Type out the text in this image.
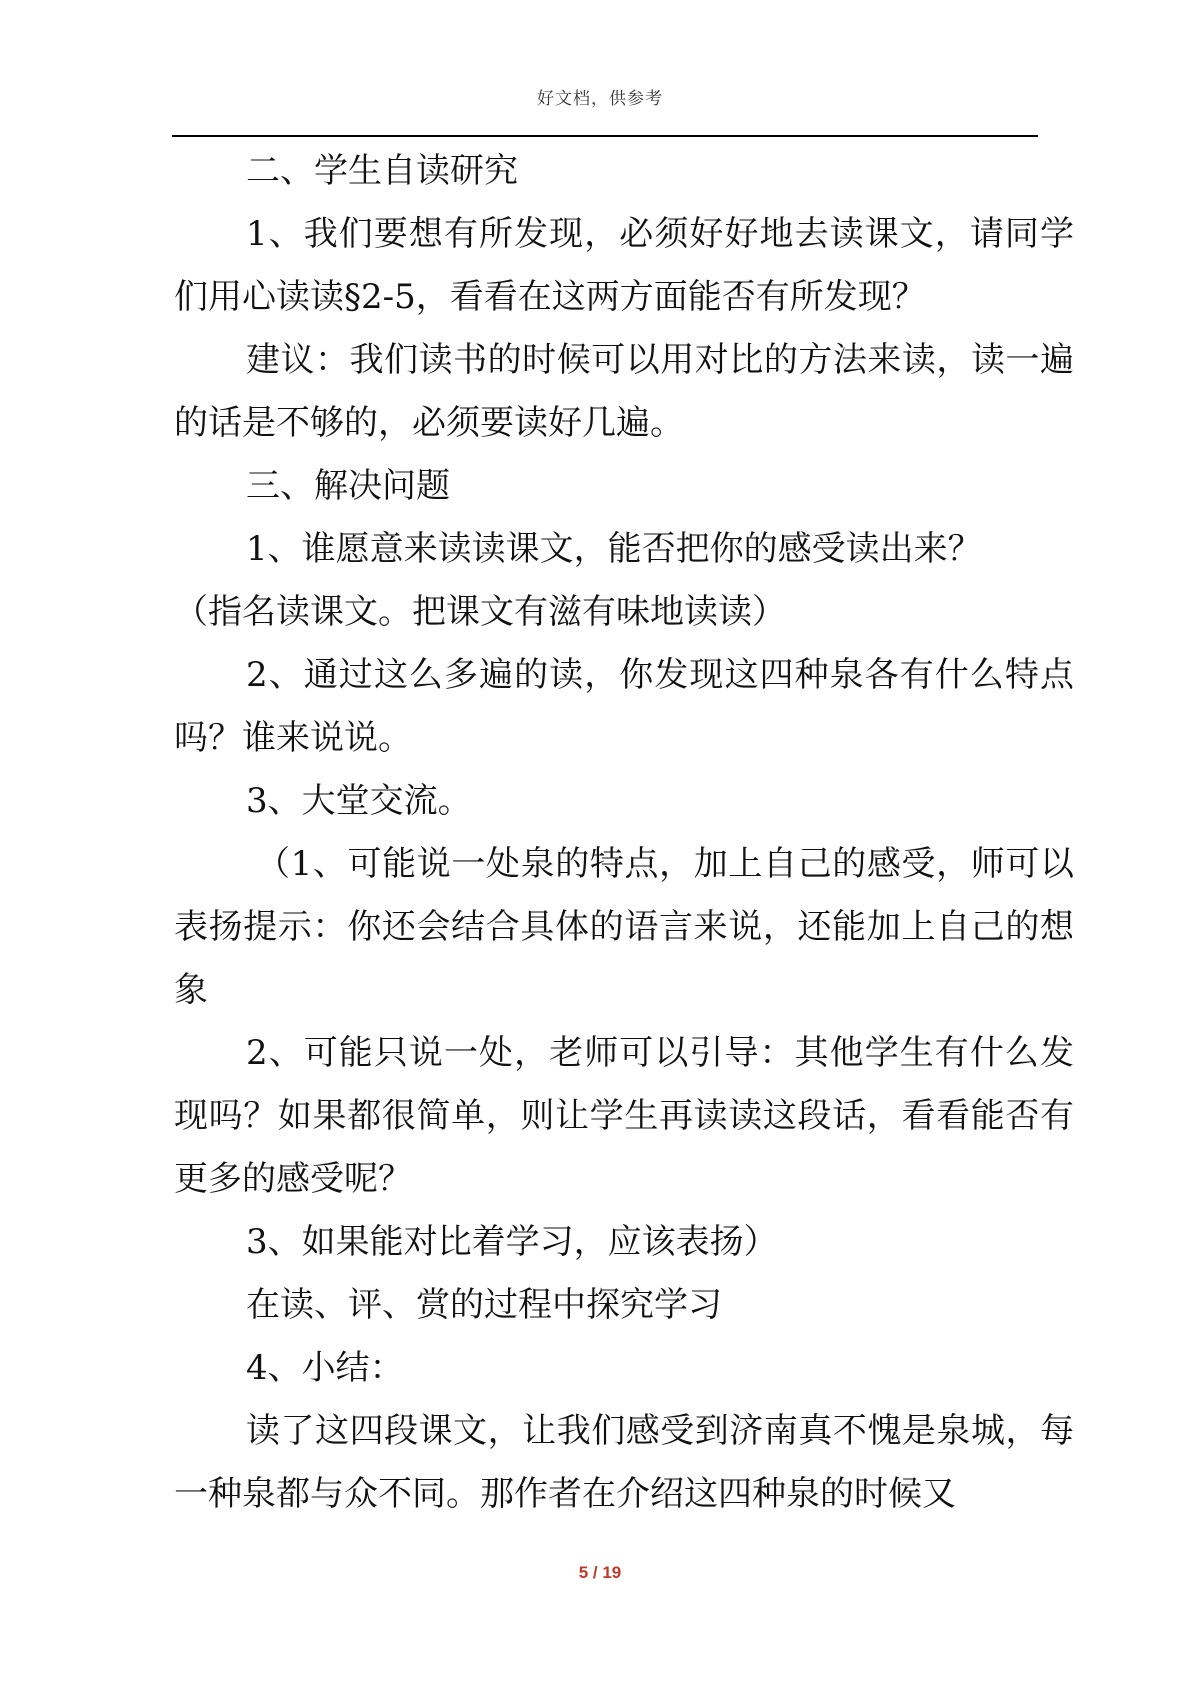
好文档，供参考

二、学生自读研究

1、我们要想有所发现，必须好好地去读课文，请同学们用心读读§2-5，看看在这两方面能否有所发现？

建议：我们读书的时候可以用对比的方法来读，读一遍的话是不够的，必须要读好几遍。

三、解决问题

1、谁愿意来读读课文，能否把你的感受读出来？

（指名读课文。把课文有滋有味地读读）

2、通过这么多遍的读，你发现这四种泉各有什么特点吗？谁来说说。

3、大堂交流。

（1、可能说一处泉的特点，加上自己的感受，师可以表扬提示：你还会结合具体的语言来说，还能加上自己的想象

2、可能只说一处，老师可以引导：其他学生有什么发现吗？如果都很简单，则让学生再读读这段话，看看能否有更多的感受呢？

3、如果能对比着学习，应该表扬）

在读、评、赏的过程中探究学习

4、小结：

读了这四段课文，让我们感受到济南真不愧是泉城，每一种泉都与众不同。那作者在介绍这四种泉的时候又

5 / 19
